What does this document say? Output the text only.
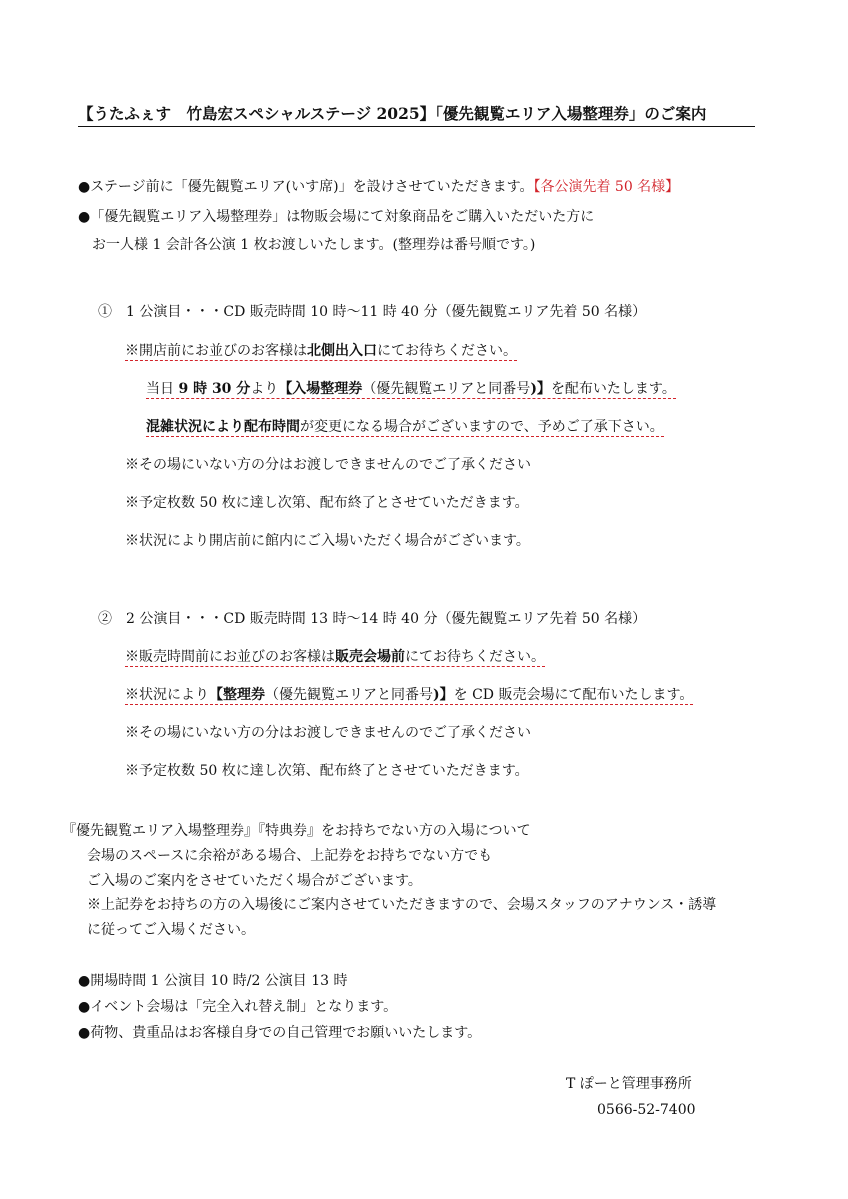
【うたふぇす　竹島宏スペシャルステージ 2025】「優先観覧エリア入場整理券」のご案内
●ステージ前に「優先観覧エリア(いす席)」を設けさせていただきます。【各公演先着 50 名様】
●「優先観覧エリア入場整理券」は物販会場にて対象商品をご購入いただいた方に
　お一人様 1 会計各公演 1 枚お渡しいたします。(整理券は番号順です。)
①　1 公演目・・・CD 販売時間 10 時～11 時 40 分（優先観覧エリア先着 50 名様）
※開店前にお並びのお客様は北側出入口にてお待ちください。
当日 9 時 30 分より【入場整理券（優先観覧エリアと同番号)】を配布いたします。
混雑状況により配布時間が変更になる場合がございますので、予めご了承下さい。
※その場にいない方の分はお渡しできませんのでご了承ください
※予定枚数 50 枚に達し次第、配布終了とさせていただきます。
※状況により開店前に館内にご入場いただく場合がございます。
②　2 公演目・・・CD 販売時間 13 時～14 時 40 分（優先観覧エリア先着 50 名様）
※販売時間前にお並びのお客様は販売会場前にてお待ちください。
※状況により【整理券（優先観覧エリアと同番号)】を CD 販売会場にて配布いたします。
※その場にいない方の分はお渡しできませんのでご了承ください
※予定枚数 50 枚に達し次第、配布終了とさせていただきます。
『優先観覧エリア入場整理券』『特典券』をお持ちでない方の入場について
会場のスペースに余裕がある場合、上記券をお持ちでない方でも
ご入場のご案内をさせていただく場合がございます。
※上記券をお持ちの方の入場後にご案内させていただきますので、会場スタッフのアナウンス・誘導
に従ってご入場ください。
●開場時間 1 公演目 10 時/2 公演目 13 時
●イベント会場は「完全入れ替え制」となります。
●荷物、貴重品はお客様自身での自己管理でお願いいたします。
T ぽーと管理事務所
0566-52-7400
